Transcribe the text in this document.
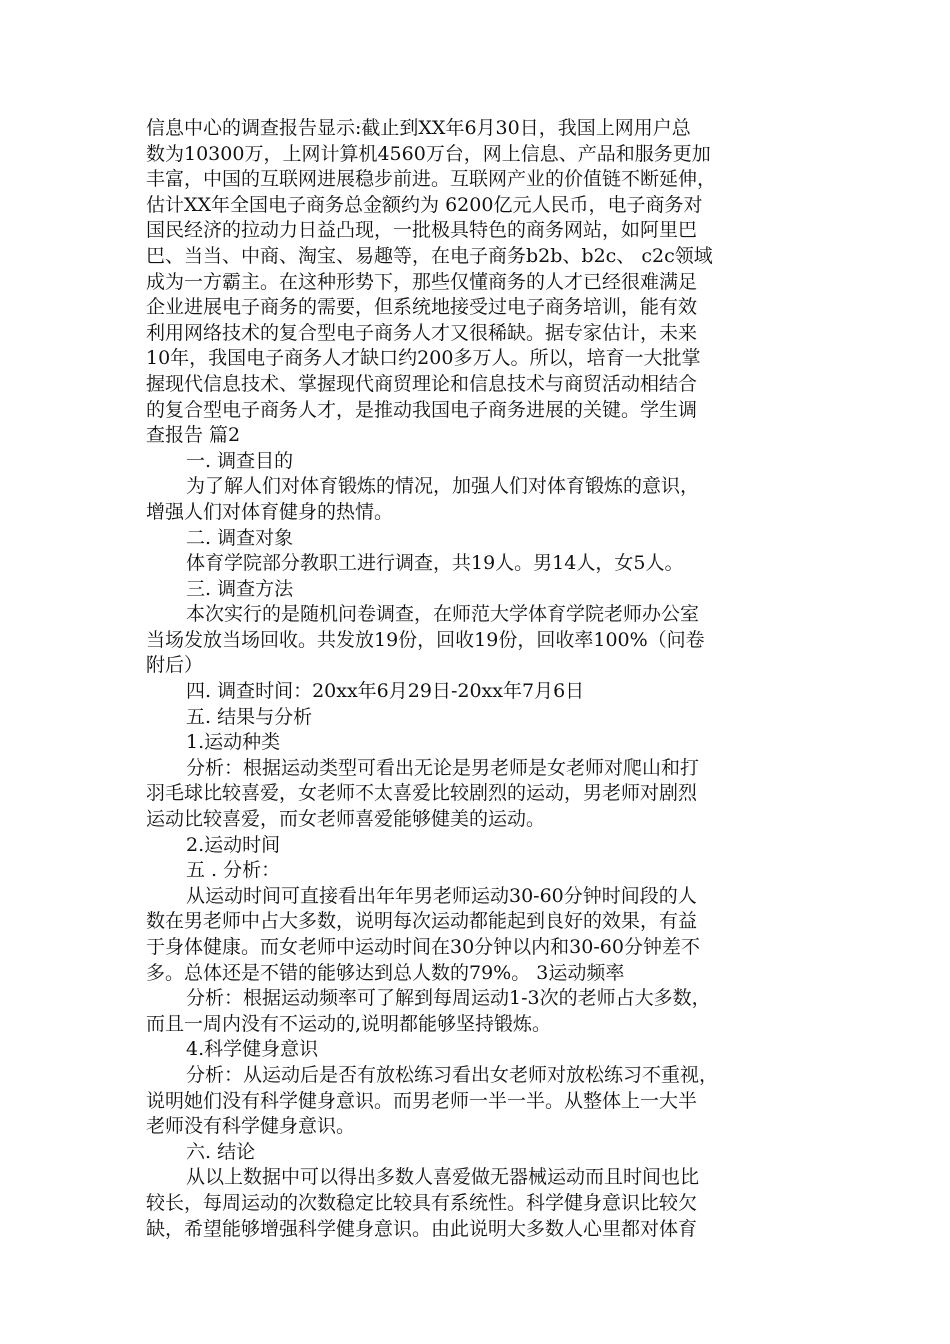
信息中心的调查报告显示:截止到XX年6月30日，我国上网用户总
数为10300万，上网计算机4560万台，网上信息、产品和服务更加
丰富，中国的互联网进展稳步前进。互联网产业的价值链不断延伸，
估计XX年全国电子商务总金额约为 6200亿元人民币，电子商务对
国民经济的拉动力日益凸现，一批极具特色的商务网站，如阿里巴
巴、当当、中商、淘宝、易趣等，在电子商务b2b、b2c、 c2c领域
成为一方霸主。在这种形势下，那些仅懂商务的人才已经很难满足
企业进展电子商务的需要，但系统地接受过电子商务培训，能有效
利用网络技术的复合型电子商务人才又很稀缺。据专家估计，未来
10年，我国电子商务人才缺口约200多万人。所以，培育一大批掌
握现代信息技术、掌握现代商贸理论和信息技术与商贸活动相结合
的复合型电子商务人才，是推动我国电子商务进展的关键。学生调
查报告 篇2
一. 调查目的
为了解人们对体育锻炼的情况，加强人们对体育锻炼的意识，
增强人们对体育健身的热情。
二. 调查对象
体育学院部分教职工进行调查，共19人。男14人，女5人。
三. 调查方法
本次实行的是随机问卷调查，在师范大学体育学院老师办公室
当场发放当场回收。共发放19份，回收19份，回收率100%（问卷
附后）
四. 调查时间：20xx年6月29日-20xx年7月6日
五. 结果与分析
1.运动种类
分析：根据运动类型可看出无论是男老师是女老师对爬山和打
羽毛球比较喜爱，女老师不太喜爱比较剧烈的运动，男老师对剧烈
运动比较喜爱，而女老师喜爱能够健美的运动。
2.运动时间
五 . 分析：
从运动时间可直接看出年年男老师运动30-60分钟时间段的人
数在男老师中占大多数，说明每次运动都能起到良好的效果，有益
于身体健康。而女老师中运动时间在30分钟以内和30-60分钟差不
多。总体还是不错的能够达到总人数的79%。 3运动频率
分析：根据运动频率可了解到每周运动1-3次的老师占大多数，
而且一周内没有不运动的,说明都能够坚持锻炼。
4.科学健身意识
分析：从运动后是否有放松练习看出女老师对放松练习不重视，
说明她们没有科学健身意识。而男老师一半一半。从整体上一大半
老师没有科学健身意识。
六. 结论
从以上数据中可以得出多数人喜爱做无器械运动而且时间也比
较长，每周运动的次数稳定比较具有系统性。科学健身意识比较欠
缺，希望能够增强科学健身意识。由此说明大多数人心里都对体育
